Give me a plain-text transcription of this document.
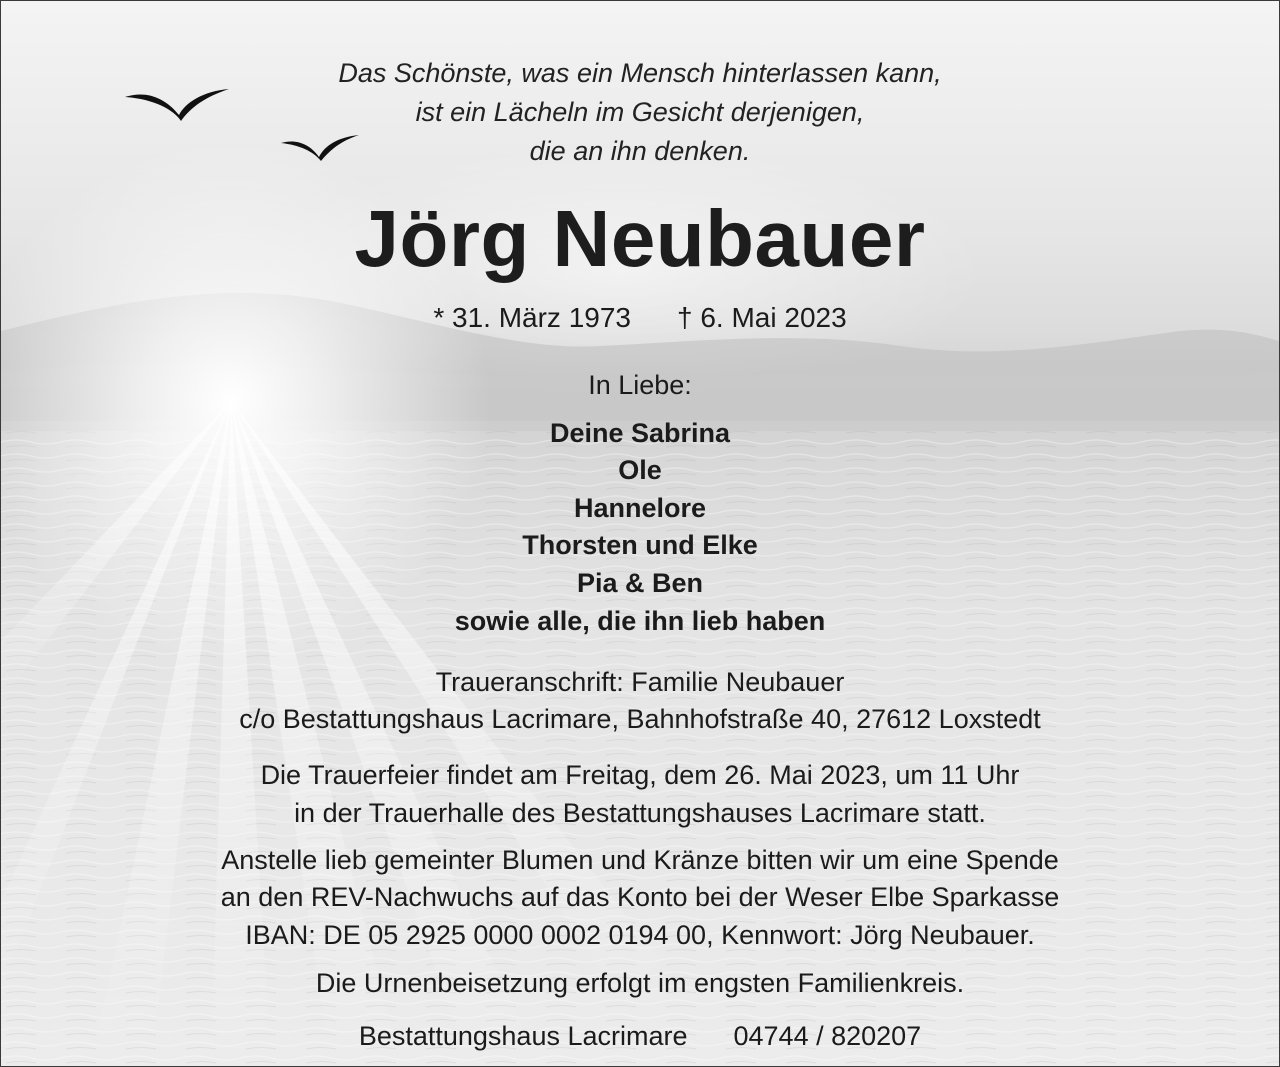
Das Schönste, was ein Mensch hinterlassen kann,
ist ein Lächeln im Gesicht derjenigen,
die an ihn denken.
Jörg Neubauer
* 31. März 1973 † 6. Mai 2023
In Liebe:
Deine Sabrina
Ole
Hannelore
Thorsten und Elke
Pia & Ben
sowie alle, die ihn lieb haben
Traueranschrift: Familie Neubauer
c/o Bestattungshaus Lacrimare, Bahnhofstraße 40, 27612 Loxstedt
Die Trauerfeier findet am Freitag, dem 26. Mai 2023, um 11 Uhr
in der Trauerhalle des Bestattungshauses Lacrimare statt.
Anstelle lieb gemeinter Blumen und Kränze bitten wir um eine Spende
an den REV-Nachwuchs auf das Konto bei der Weser Elbe Sparkasse
IBAN: DE 05 2925 0000 0002 0194 00, Kennwort: Jörg Neubauer.
Die Urnenbeisetzung erfolgt im engsten Familienkreis.
Bestattungshaus Lacrimare 04744 / 820207
